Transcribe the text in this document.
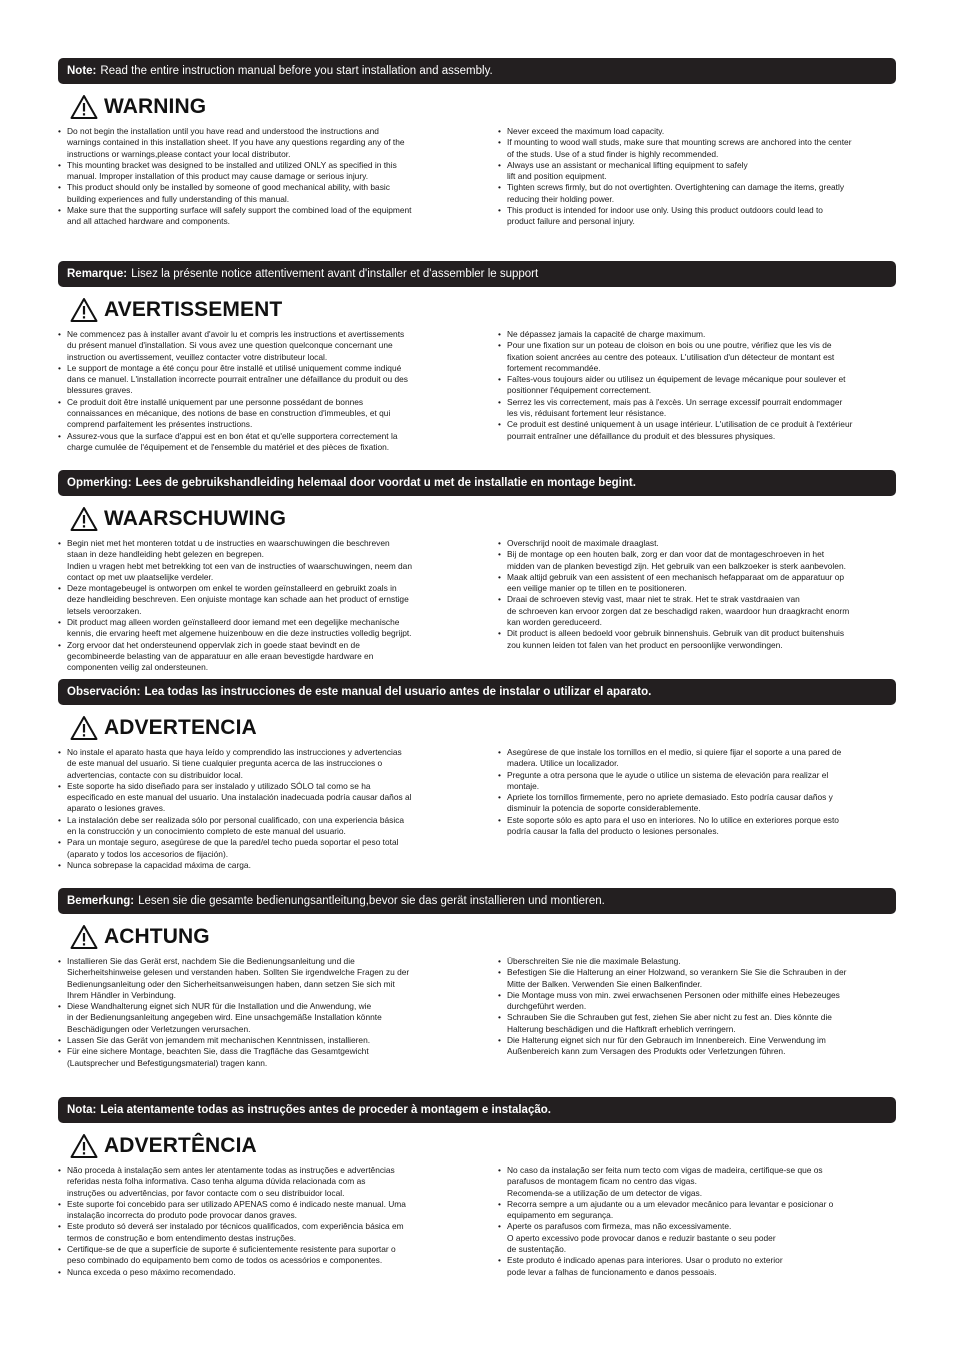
Note: Read the entire instruction manual before you start installation and assembly.
WARNING
• Do not begin the installation until you have read and understood the instructions and
warnings contained in this installation sheet. If you have any questions regarding any of the
instructions or warnings,please contact your local distributor.
• This mounting bracket was designed to be installed and utilized ONLY as specified in this
manual. Improper installation of this product may cause damage or serious injury.
• This product should only be installed by someone of good mechanical ability, with basic
building experiences and fully understanding of this manual.
• Make sure that the supporting surface will safely support the combined load of the equipment
and all attached hardware and components.
• Never exceed the maximum load capacity.
• If mounting to wood wall studs, make sure that mounting screws are anchored into the center
of the studs. Use of a stud finder is highly recommended.
• Always use an assistant or mechanical lifting equipment to safely
lift and position equipment.
• Tighten screws firmly, but do not overtighten. Overtightening can damage the items, greatly
reducing their holding power.
• This product is intended for indoor use only. Using this product outdoors could lead to
product failure and personal injury.
Remarque: Lisez la présente notice attentivement avant d'installer et d'assembler le support
AVERTISSEMENT
• Ne commencez pas à installer avant d'avoir lu et compris les instructions et avertissements
du présent manuel d'installation. Si vous avez une question quelconque concernant une
instruction ou avertissement, veuillez contacter votre distributeur local.
• Le support de montage a été conçu pour être installé et utilisé uniquement comme indiqué
dans ce manuel. L'installation incorrecte pourrait entraîner une défaillance du produit ou des
blessures graves.
• Ce produit doit être installé uniquement par une personne possédant de bonnes
connaissances en mécanique, des notions de base en construction d'immeubles, et qui
comprend parfaitement les présentes instructions.
• Assurez-vous que la surface d'appui est en bon état et qu'elle supportera correctement la
charge cumulée de l'équipement et de l'ensemble du matériel et des pièces de fixation.
• Ne dépassez jamais la capacité de charge maximum.
• Pour une fixation sur un poteau de cloison en bois ou une poutre, vérifiez que les vis de
fixation soient ancrées au centre des poteaux. L'utilisation d'un détecteur de montant est
fortement recommandée.
• Faîtes-vous toujours aider ou utilisez un équipement de levage mécanique pour soulever et
positionner l'équipement correctement.
• Serrez les vis correctement, mais pas à l'excès. Un serrage excessif pourrait endommager
les vis, réduisant fortement leur résistance.
• Ce produit est destiné uniquement à un usage intérieur. L'utilisation de ce produit à l'extérieur
pourrait entraîner une défaillance du produit et des blessures physiques.
Opmerking: Lees de gebruikshandleiding helemaal door voordat u met de installatie en montage begint.
WAARSCHUWING
• Begin niet met het monteren totdat u de instructies en waarschuwingen die beschreven
staan in deze handleiding hebt gelezen en begrepen.
Indien u vragen hebt met betrekking tot een van de instructies of waarschuwingen, neem dan
contact op met uw plaatselijke verdeler.
• Deze montagebeugel is ontworpen om enkel te worden geïnstalleerd en gebruikt zoals in
deze handleiding beschreven. Een onjuiste montage kan schade aan het product of ernstige
letsels veroorzaken.
• Dit product mag alleen worden geïnstalleerd door iemand met een degelijke mechanische
kennis, die ervaring heeft met algemene huizenbouw en die deze instructies volledig begrijpt.
• Zorg ervoor dat het ondersteunend oppervlak zich in goede staat bevindt en de
gecombineerde belasting van de apparatuur en alle eraan bevestigde hardware en
componenten veilig zal ondersteunen.
• Overschrijd nooit de maximale draaglast.
• Bij de montage op een houten balk, zorg er dan voor dat de montageschroeven in het
midden van de planken bevestigd zijn. Het gebruik van een balkzoeker is sterk aanbevolen.
• Maak altijd gebruik van een assistent of een mechanisch hefapparaat om de apparatuur op
een veilige manier op te tillen en te positioneren.
• Draai de schroeven stevig vast, maar niet te strak. Het te strak vastdraaien van
de schroeven kan ervoor zorgen dat ze beschadigd raken, waardoor hun draagkracht enorm
kan worden gereduceerd.
• Dit product is alleen bedoeld voor gebruik binnenshuis. Gebruik van dit product buitenshuis
zou kunnen leiden tot falen van het product en persoonlijke verwondingen.
Observación: Lea todas las instrucciones de este manual del usuario antes de instalar o utilizar el aparato.
ADVERTENCIA
• No instale el aparato hasta que haya leído y comprendido las instrucciones y advertencias
de este manual del usuario. Si tiene cualquier pregunta acerca de las instrucciones o
advertencias, contacte con su distribuidor local.
• Este soporte ha sido diseñado para ser instalado y utilizado SÓLO tal como se ha
especificado en este manual del usuario. Una instalación inadecuada podría causar daños al
aparato o lesiones graves.
• La instalación debe ser realizada sólo por personal cualificado, con una experiencia básica
en la construcción y un conocimiento completo de este manual del usuario.
• Para un montaje seguro, asegúrese de que la pared/el techo pueda soportar el peso total
(aparato y todos los accesorios de fijación).
• Nunca sobrepase la capacidad máxima de carga.
• Asegúrese de que instale los tornillos en el medio, si quiere fijar el soporte a una pared de
madera. Utilice un localizador.
• Pregunte a otra persona que le ayude o utilice un sistema de elevación para realizar el
montaje.
• Apriete los tornillos firmemente, pero no apriete demasiado. Esto podría causar daños y
disminuir la potencia de soporte considerablemente.
• Este soporte sólo es apto para el uso en interiores. No lo utilice en exteriores porque esto
podría causar la falla del producto o lesiones personales.
Bemerkung: Lesen sie die gesamte bedienungsantleitung,bevor sie das gerät installieren und montieren.
ACHTUNG
• Installieren Sie das Gerät erst, nachdem Sie die Bedienungsanleitung und die
Sicherheitshinweise gelesen und verstanden haben. Sollten Sie irgendwelche Fragen zu der
Bedienungsanleitung oder den Sicherheitsanweisungen haben, dann setzen Sie sich mit
Ihrem Händler in Verbindung.
• Diese Wandhalterung eignet sich NUR für die Installation und die Anwendung, wie
in der Bedienungsanleitung angegeben wird. Eine unsachgemäße Installation könnte
Beschädigungen oder Verletzungen verursachen.
• Lassen Sie das Gerät von jemandem mit mechanischen Kenntnissen, installieren.
• Für eine sichere Montage, beachten Sie, dass die Tragfläche das Gesamtgewicht
(Lautsprecher und Befestigungsmaterial) tragen kann.
• Überschreiten Sie nie die maximale Belastung.
• Befestigen Sie die Halterung an einer Holzwand, so verankern Sie Sie die Schrauben in der
Mitte der Balken. Verwenden Sie einen Balkenfinder.
• Die Montage muss von min. zwei erwachsenen Personen oder mithilfe eines Hebezeuges
durchgeführt werden.
• Schrauben Sie die Schrauben gut fest, ziehen Sie aber nicht zu fest an. Dies könnte die
Halterung beschädigen und die Haftkraft erheblich verringern.
• Die Halterung eignet sich nur für den Gebrauch im Innenbereich. Eine Verwendung im
Außenbereich kann zum Versagen des Produkts oder Verletzungen führen.
Nota: Leia atentamente todas as instruções antes de proceder à montagem e instalação.
ADVERTÊNCIA
• Não proceda à instalação sem antes ler atentamente todas as instruções e advertências
referidas nesta folha informativa. Caso tenha alguma dúvida relacionada com as
instruções ou advertências, por favor contacte com o seu distribuidor local.
• Este suporte foi concebido para ser utilizado APENAS como é indicado neste manual. Uma
instalação incorrecta do produto pode provocar danos graves.
• Este produto só deverá ser instalado por técnicos qualificados, com experiência básica em
termos de construção e bom entendimento destas instruções.
• Certifique-se de que a superfície de suporte é suficientemente resistente para suportar o
peso combinado do equipamento bem como de todos os acessórios e componentes.
• Nunca exceda o peso máximo recomendado.
• No caso da instalação ser feita num tecto com vigas de madeira, certifique-se que os
parafusos de montagem ficam no centro das vigas.
Recomenda-se a utilização de um detector de vigas.
• Recorra sempre a um ajudante ou a um elevador mecânico para levantar e posicionar o
equipamento em segurança.
• Aperte os parafusos com firmeza, mas não excessivamente.
O aperto excessivo pode provocar danos e reduzir bastante o seu poder
de sustentação.
• Este produto é indicado apenas para interiores. Usar o produto no exterior
pode levar a falhas de funcionamento e danos pessoais.
